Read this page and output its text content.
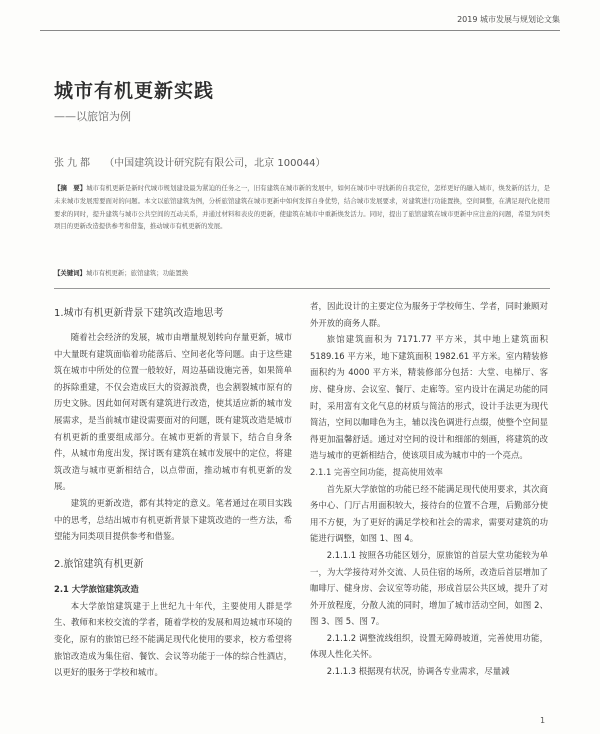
2019 城市发展与规划论文集
城市有机更新实践
——以旅馆为例
张九都 （中国建筑设计研究院有限公司，北京 100044）
【摘　要】城市有机更新是新时代城市规划建设最为紧迫的任务之一，旧有建筑在城市新的发展中，如何在城市中寻找新的自我定位，怎样更好的融入城市，焕发新的活力，是未来城市发展需要面对的问题。本文以旅馆建筑为例，分析旅馆建筑在城市更新中如何发挥自身优势，结合城市发展要求，对建筑进行功能置换，空间调整，在满足现代化使用要求的同时，提升建筑与城市公共空间的互动关系，并通过材料和表皮的更新，使建筑在城市中重新焕发活力。同时，提出了旅馆建筑在城市更新中应注意的问题，希望为同类项目的更新改造提供参考和借鉴，推动城市有机更新的发展。
【关键词】城市有机更新；旅馆建筑；功能置换
1.城市有机更新背景下建筑改造地思考

随着社会经济的发展，城市由增量规划转向存量更新，城市中大量既有建筑面临着功能落后、空间老化等问题。由于这些建筑在城市中所处的位置一般较好，周边基础设施完善，如果简单的拆除重建，不仅会造成巨大的资源浪费，也会割裂城市原有的历史文脉。因此如何对既有建筑进行改造，使其适应新的城市发展需求，是当前城市建设需要面对的问题，既有建筑改造是城市有机更新的重要组成部分。在城市更新的背景下，结合自身条件，从城市角度出发，探讨既有建筑在城市发展中的定位，将建筑改造与城市更新相结合，以点带面，推动城市有机更新的发展。

建筑的更新改造，都有其特定的意义。笔者通过在项目实践中的思考，总结出城市有机更新背景下建筑改造的一些方法，希望能为同类项目提供参考和借鉴。

2.旅馆建筑有机更新
2.1 大学旅馆建筑改造

本大学旅馆建筑建于上世纪九十年代，主要使用人群是学生、教师和来校交流的学者，随着学校的发展和周边城市环境的变化，原有的旅馆已经不能满足现代化使用的要求，校方希望将旅馆改造成为集住宿、餐饮、会议等功能于一体的综合性酒店，以更好的服务于学校和城市。

者，因此设计的主要定位为服务于学校师生、学者，同时兼顾对外开放的商务人群。

旅馆建筑面积为 7171.77 平方米，其中地上建筑面积 5189.16 平方米，地下建筑面积 1982.61 平方米。室内精装修面积约为 4000 平方米，精装修部分包括：大堂、电梯厅、客房、健身房、会议室、餐厅、走廊等。室内设计在满足功能的同时，采用富有文化气息的材质与简洁的形式，设计手法更为现代简洁，空间以咖啡色为主，辅以浅色调进行点缀，使整个空间显得更加温馨舒适。通过对空间的设计和细部的刻画，将建筑的改造与城市的更新相结合，使该项目成为城市中的一个亮点。

2.1.1 完善空间功能，提高使用效率

首先原大学旅馆的功能已经不能满足现代使用要求，其次商务中心、门厅占用面积较大，接待台的位置不合理，后勤部分使用不方便，为了更好的满足学校和社会的需求，需要对建筑的功能进行调整，如图 1、图 4。

2.1.1.1 按照各功能区划分，原旅馆的首层大堂功能较为单一，为大学接待对外交流、人员住宿的场所，改造后首层增加了咖啡厅、健身房、会议室等功能，形成首层公共区域，提升了对外开放程度，分散人流的同时，增加了城市活动空间，如图 2、图 3、图 5、图 7。

2.1.1.2 调整流线组织，设置无障碍坡道，完善使用功能，体现人性化关怀。

2.1.1.3 根据现有状况，协调各专业需求，尽量减

1
